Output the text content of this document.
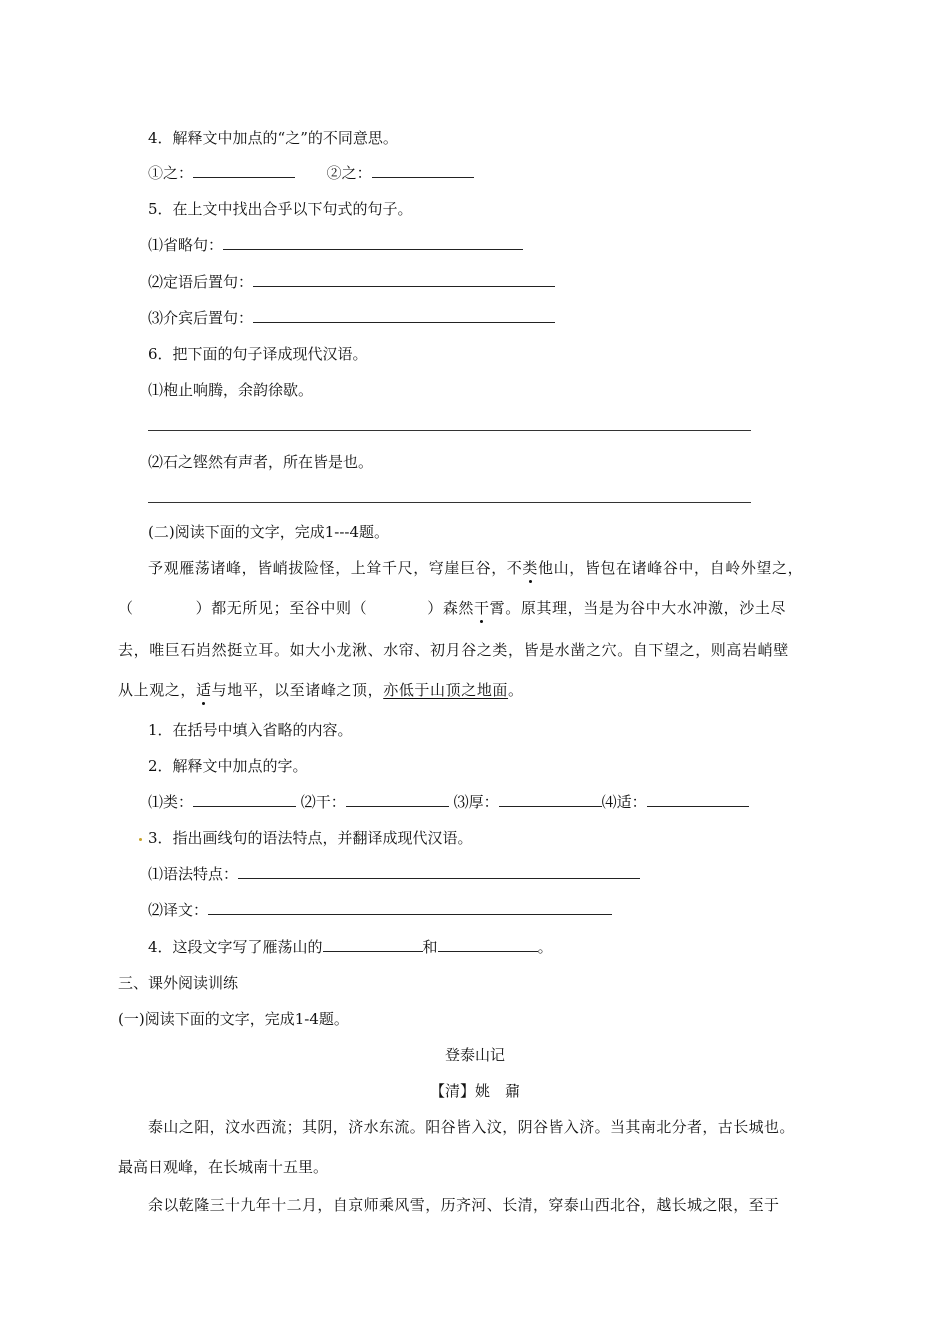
4．解释文中加点的“之”的不同意思。
①之：	②之：
5．在上文中找出合乎以下句式的句子。
⑴省略句：
⑵定语后置句：
⑶介宾后置句：
6．把下面的句子译成现代汉语。
⑴枹止响腾，余韵徐歇。
⑵石之铿然有声者，所在皆是也。
(二)阅读下面的文字，完成1---4题。
予观雁荡诸峰，皆峭拔险怪，上耸千尺，穹崖巨谷，不类他山，皆包在诸峰谷中，自岭外望之，
（	）都无所见；至谷中则（	）森然干霄。原其理，当是为谷中大水冲激，沙土尽
去，唯巨石岿然挺立耳。如大小龙湫、水帘、初月谷之类，皆是水凿之穴。自下望之，则高岩峭壁
从上观之，适与地平，以至诸峰之顶，亦低于山顶之地面。
1．在括号中填入省略的内容。
2．解释文中加点的字。
⑴类：	⑵干：	⑶厚：	⑷适：
3．指出画线句的语法特点，并翻译成现代汉语。
⑴语法特点：
⑵译文：
4．这段文字写了雁荡山的	和	。
三、课外阅读训练
(一)阅读下面的文字，完成1-4题。
登泰山记
【清】姚　鼐
泰山之阳，汶水西流；其阴，济水东流。阳谷皆入汶，阴谷皆入济。当其南北分者，古长城也。
最高日观峰，在长城南十五里。
余以乾隆三十九年十二月，自京师乘风雪，历齐河、长清，穿泰山西北谷，越长城之限，至于
